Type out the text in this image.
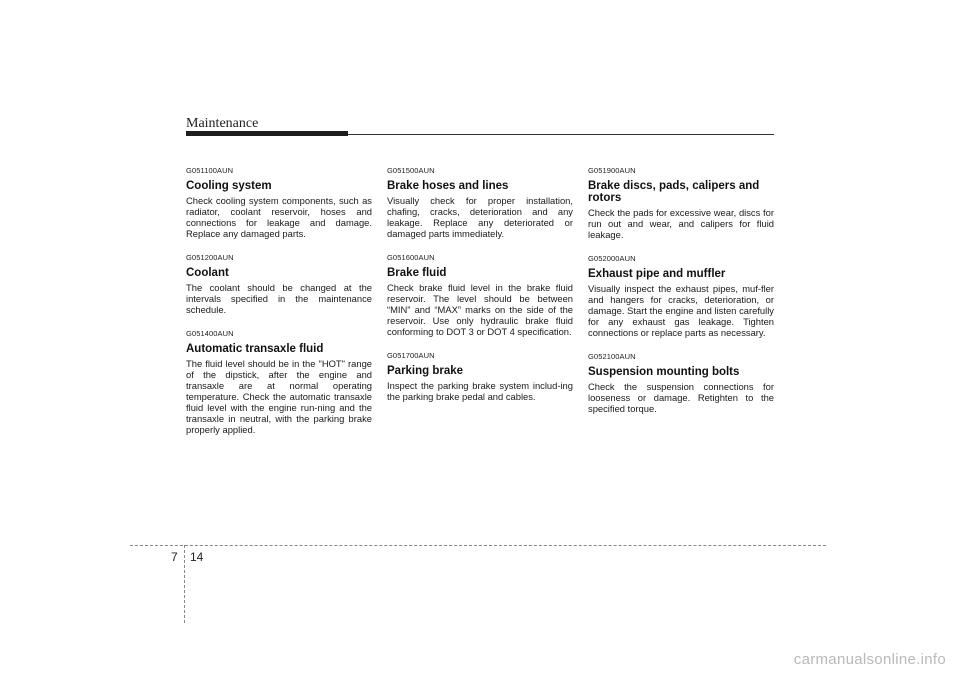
Maintenance

G051100AUN

Cooling system

Check cooling system components, such as radiator, coolant reservoir, hoses and connections for leakage and damage. Replace any damaged parts.

G051200AUN

Coolant

The coolant should be changed at the intervals specified in the maintenance schedule.

G051400AUN

Automatic transaxle fluid

The fluid level should be in the "HOT" range of the dipstick, after the engine and transaxle are at normal operating temperature. Check the automatic transaxle fluid level with the engine run-ning and the transaxle in neutral, with the parking brake properly applied.

G051500AUN

Brake hoses and lines

Visually check for proper installation, chafing, cracks, deterioration and any leakage. Replace any deteriorated or damaged parts immediately.

G051600AUN

Brake fluid

Check brake fluid level in the brake fluid reservoir. The level should be between “MIN” and “MAX” marks on the side of the reservoir. Use only hydraulic brake fluid conforming to DOT 3 or DOT 4 specification.

G051700AUN

Parking brake

Inspect the parking brake system includ-ing the parking brake pedal and cables.

G051900AUN

Brake discs, pads, calipers and rotors

Check the pads for excessive wear, discs for run out and wear, and calipers for fluid leakage.

G052000AUN

Exhaust pipe and muffler

Visually inspect the exhaust pipes, muf-fler and hangers for cracks, deterioration, or damage. Start the engine and listen carefully for any exhaust gas leakage. Tighten connections or replace parts as necessary.

G052100AUN

Suspension mounting bolts

Check the suspension connections for looseness or damage. Retighten to the specified torque.

7 14
carmanualsonline.info
